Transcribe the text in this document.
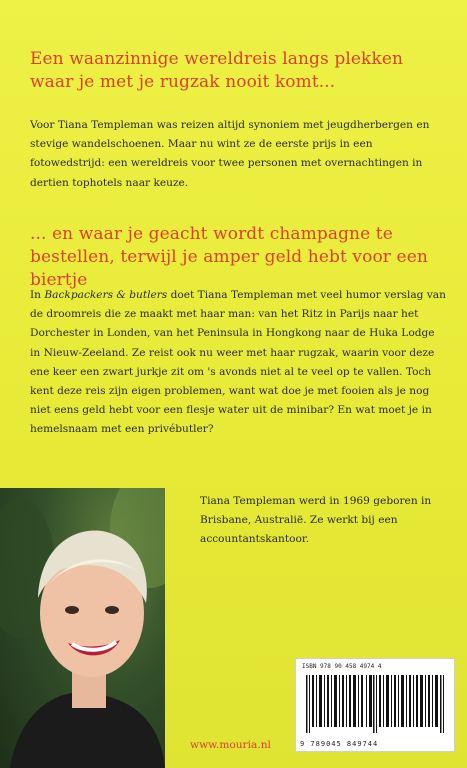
Een waanzinnige wereldreis langs plekken waar je met je rugzak nooit komt...
Voor Tiana Templeman was reizen altijd synoniem met jeugdherbergen en stevige wandelschoenen. Maar nu wint ze de eerste prijs in een fotowedstrijd: een wereldreis voor twee personen met overnachtingen in dertien tophotels naar keuze.
... en waar je geacht wordt champagne te bestellen, terwijl je amper geld hebt voor een biertje
In Backpackers & butlers doet Tiana Templeman met veel humor verslag van de droomreis die ze maakt met haar man: van het Ritz in Parijs naar het Dorchester in Londen, van het Peninsula in Hongkong naar de Huka Lodge in Nieuw-Zeeland. Ze reist ook nu weer met haar rugzak, waarin voor deze ene keer een zwart jurkje zit om 's avonds niet al te veel op te vallen. Toch kent deze reis zijn eigen problemen, want wat doe je met fooien als je nog niet eens geld hebt voor een flesje water uit de minibar? En wat moet je in hemelsnaam met een privébutler?
Tiana Templeman werd in 1969 geboren in Brisbane, Australië. Ze werkt bij een accountantskantoor.
ISBN 978 90 458 4974 4
9 789045 849744
www.mouria.nl
